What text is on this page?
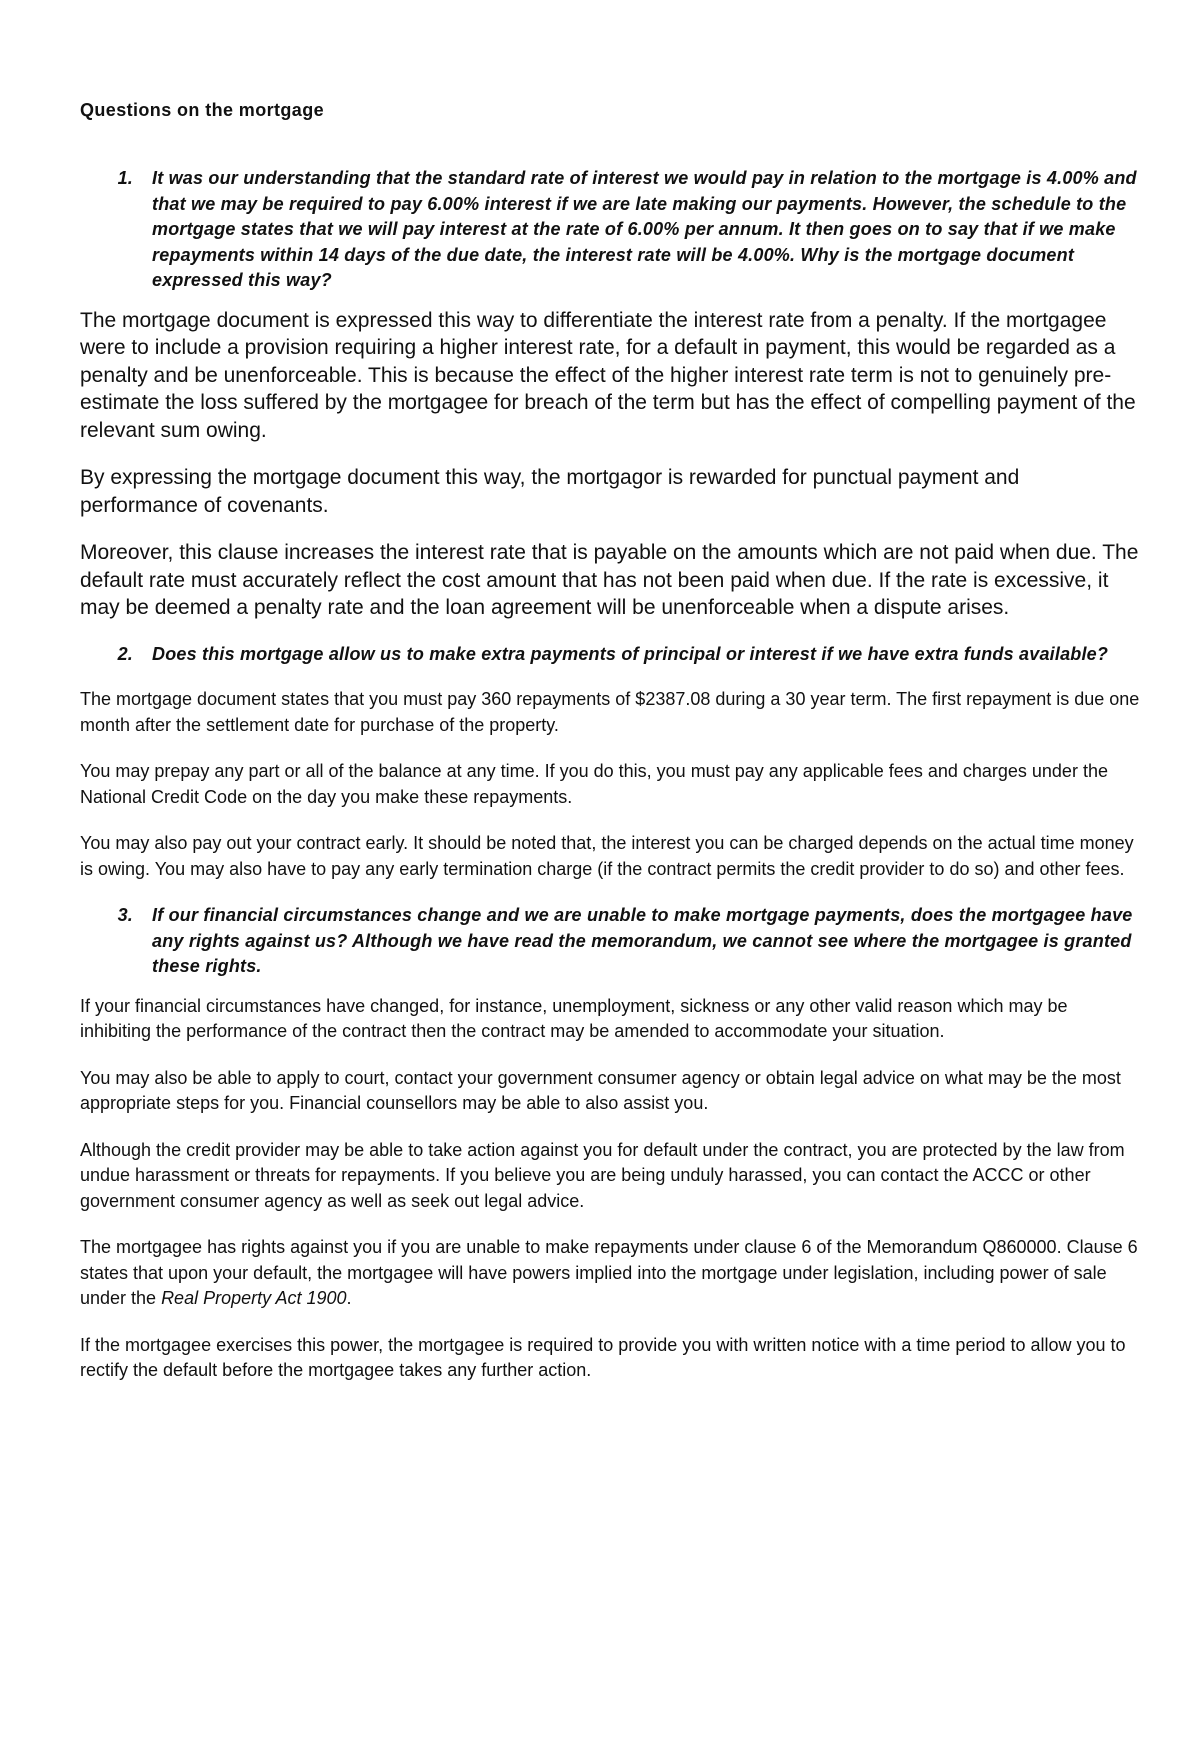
Questions on the mortgage
1.	It was our understanding that the standard rate of interest we would pay in relation to the mortgage is 4.00% and that we may be required to pay 6.00% interest if we are late making our payments. However, the schedule to the mortgage states that we will pay interest at the rate of 6.00% per annum. It then goes on to say that if we make repayments within 14 days of the due date, the interest rate will be 4.00%. Why is the mortgage document expressed this way?

The mortgage document is expressed this way to differentiate the interest rate from a penalty. If the mortgagee were to include a provision requiring a higher interest rate, for a default in payment, this would be regarded as a penalty and be unenforceable. This is because the effect of the higher interest rate term is not to genuinely pre-estimate the loss suffered by the mortgagee for breach of the term but has the effect of compelling payment of the relevant sum owing.

By expressing the mortgage document this way, the mortgagor is rewarded for punctual payment and performance of covenants.

Moreover, this clause increases the interest rate that is payable on the amounts which are not paid when due. The default rate must accurately reflect the cost amount that has not been paid when due. If the rate is excessive, it may be deemed a penalty rate and the loan agreement will be unenforceable when a dispute arises.

2.	Does this mortgage allow us to make extra payments of principal or interest if we have extra funds available?

The mortgage document states that you must pay 360 repayments of $2387.08 during a 30 year term. The first repayment is due one month after the settlement date for purchase of the property.

You may prepay any part or all of the balance at any time. If you do this, you must pay any applicable fees and charges under the National Credit Code on the day you make these repayments.

You may also pay out your contract early. It should be noted that, the interest you can be charged depends on the actual time money is owing. You may also have to pay any early termination charge (if the contract permits the credit provider to do so) and other fees.

3.	If our financial circumstances change and we are unable to make mortgage payments, does the mortgagee have any rights against us? Although we have read the memorandum, we cannot see where the mortgagee is granted these rights.

If your financial circumstances have changed, for instance, unemployment, sickness or any other valid reason which may be inhibiting the performance of the contract then the contract may be amended to accommodate your situation.

You may also be able to apply to court, contact your government consumer agency or obtain legal advice on what may be the most appropriate steps for you. Financial counsellors may be able to also assist you.

Although the credit provider may be able to take action against you for default under the contract, you are protected by the law from undue harassment or threats for repayments. If you believe you are being unduly harassed, you can contact the ACCC or other government consumer agency as well as seek out legal advice.

The mortgagee has rights against you if you are unable to make repayments under clause 6 of the Memorandum Q860000. Clause 6 states that upon your default, the mortgagee will have powers implied into the mortgage under legislation, including power of sale under the Real Property Act 1900.

If the mortgagee exercises this power, the mortgagee is required to provide you with written notice with a time period to allow you to rectify the default before the mortgagee takes any further action.
